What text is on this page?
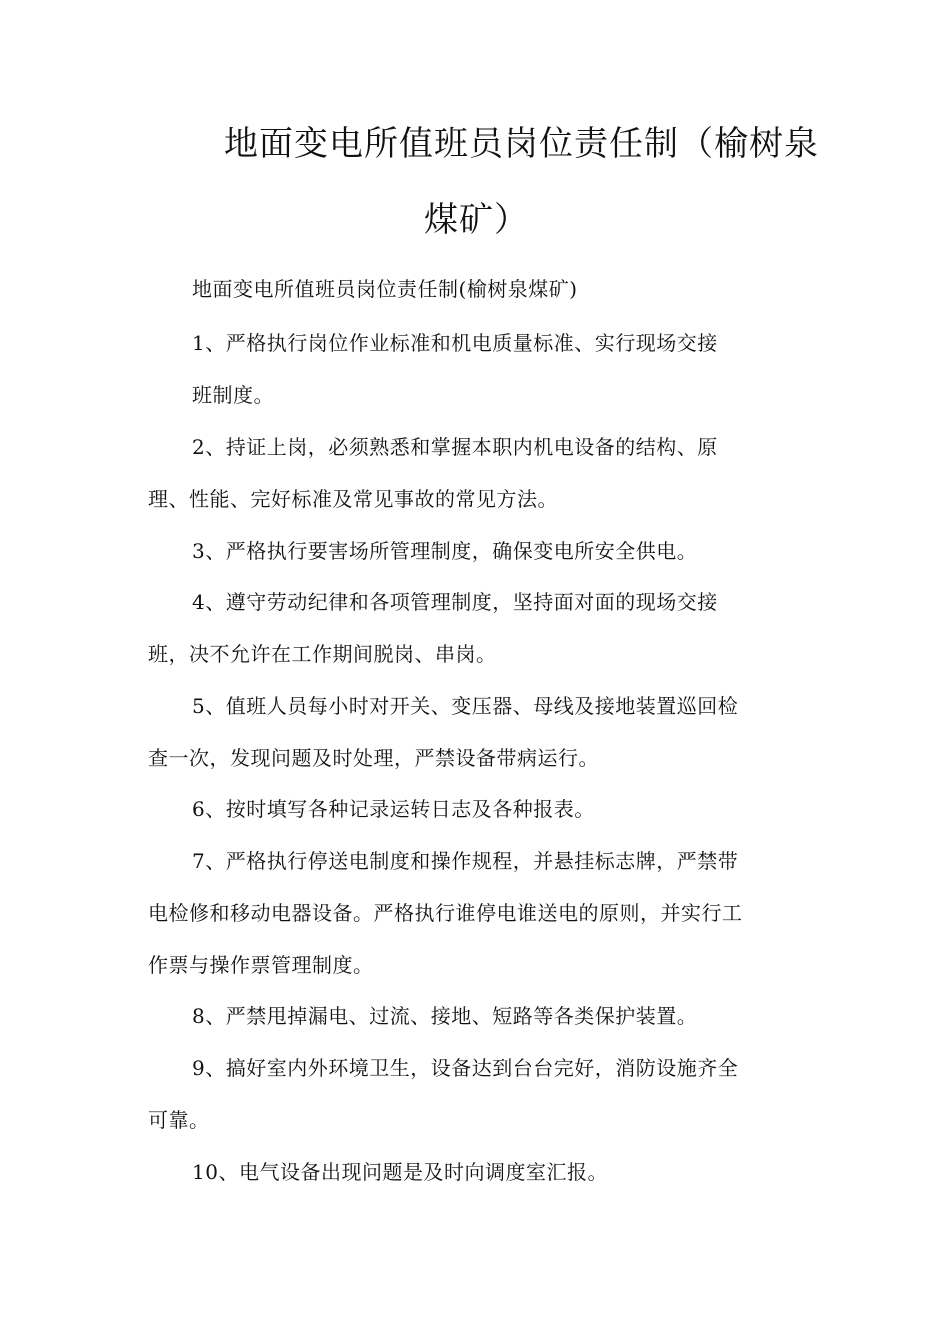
地面变电所值班员岗位责任制（榆树泉
煤矿）
地面变电所值班员岗位责任制(榆树泉煤矿)
1、严格执行岗位作业标准和机电质量标准、实行现场交接
班制度。
2、持证上岗，必须熟悉和掌握本职内机电设备的结构、原
理、性能、完好标准及常见事故的常见方法。
3、严格执行要害场所管理制度，确保变电所安全供电。
4、遵守劳动纪律和各项管理制度，坚持面对面的现场交接
班，决不允许在工作期间脱岗、串岗。
5、值班人员每小时对开关、变压器、母线及接地装置巡回检
查一次，发现问题及时处理，严禁设备带病运行。
6、按时填写各种记录运转日志及各种报表。
7、严格执行停送电制度和操作规程，并悬挂标志牌，严禁带
电检修和移动电器设备。严格执行谁停电谁送电的原则，并实行工
作票与操作票管理制度。
8、严禁甩掉漏电、过流、接地、短路等各类保护装置。
9、搞好室内外环境卫生，设备达到台台完好，消防设施齐全
可靠。
10、电气设备出现问题是及时向调度室汇报。
